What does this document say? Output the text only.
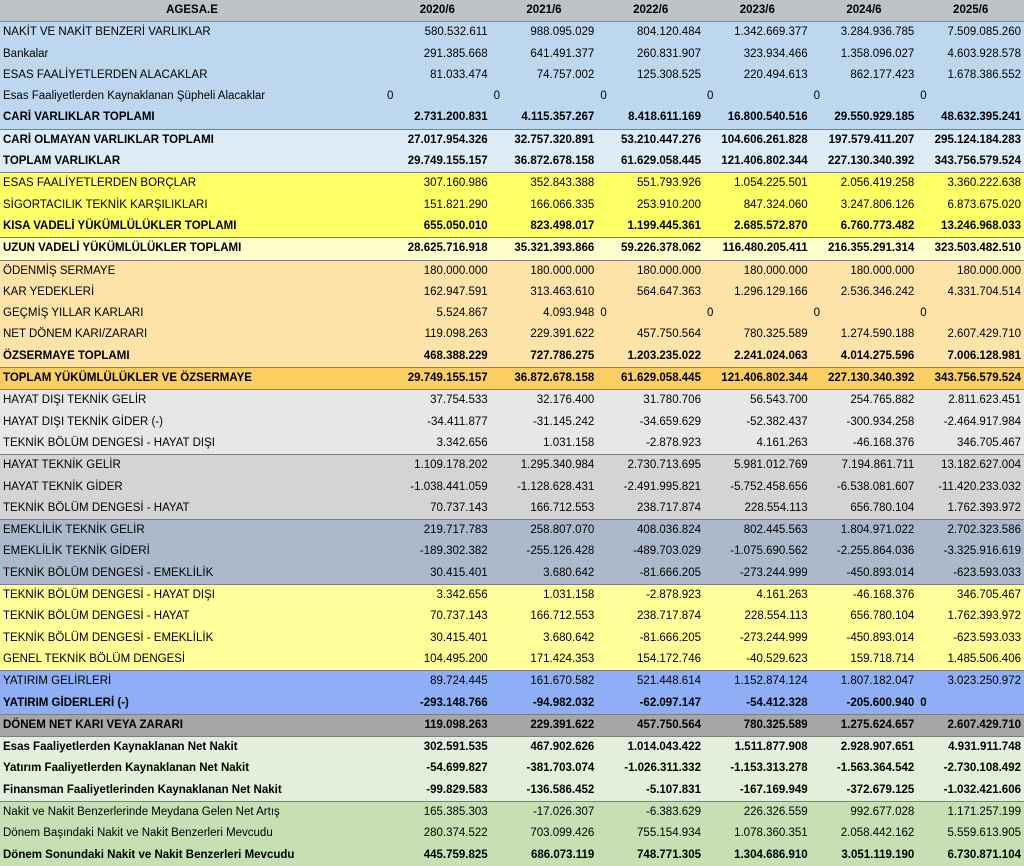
AGESA.E	2020/6	2021/6	2022/6	2023/6	2024/6	2025/6
NAKİT VE NAKİT BENZERİ VARLIKLAR	580.532.611	988.095.029	804.120.484	1.342.669.377	3.284.936.785	7.509.085.260
Bankalar	291.385.668	641.491.377	260.831.907	323.934.466	1.358.096.027	4.603.928.578
ESAS FAALİYETLERDEN ALACAKLAR	81.033.474	74.757.002	125.308.525	220.494.613	862.177.423	1.678.386.552
Esas Faaliyetlerden Kaynaklanan Şüpheli Alacaklar	0	0	0	0	0	0
CARİ VARLIKLAR TOPLAMI	2.731.200.831	4.115.357.267	8.418.611.169	16.800.540.516	29.550.929.185	48.632.395.241
CARİ OLMAYAN VARLIKLAR TOPLAMI	27.017.954.326	32.757.320.891	53.210.447.276	104.606.261.828	197.579.411.207	295.124.184.283
TOPLAM VARLIKLAR	29.749.155.157	36.872.678.158	61.629.058.445	121.406.802.344	227.130.340.392	343.756.579.524
ESAS FAALİYETLERDEN BORÇLAR	307.160.986	352.843.388	551.793.926	1.054.225.501	2.056.419.258	3.360.222.638
SİGORTACILIK TEKNİK KARŞILIKLARI	151.821.290	166.066.335	253.910.200	847.324.060	3.247.806.126	6.873.675.020
KISA VADELİ YÜKÜMLÜLÜKLER TOPLAMI	655.050.010	823.498.017	1.199.445.361	2.685.572.870	6.760.773.482	13.246.968.033
UZUN VADELİ YÜKÜMLÜLÜKLER TOPLAMI	28.625.716.918	35.321.393.866	59.226.378.062	116.480.205.411	216.355.291.314	323.503.482.510
ÖDENMİŞ SERMAYE	180.000.000	180.000.000	180.000.000	180.000.000	180.000.000	180.000.000
KAR YEDEKLERİ	162.947.591	313.463.610	564.647.363	1.296.129.166	2.536.346.242	4.331.704.514
GEÇMİŞ YILLAR KARLARI	5.524.867	4.093.948	0	0	0	0
NET DÖNEM KARI/ZARARI	119.098.263	229.391.622	457.750.564	780.325.589	1.274.590.188	2.607.429.710
ÖZSERMAYE TOPLAMI	468.388.229	727.786.275	1.203.235.022	2.241.024.063	4.014.275.596	7.006.128.981
TOPLAM YÜKÜMLÜLÜKLER VE ÖZSERMAYE	29.749.155.157	36.872.678.158	61.629.058.445	121.406.802.344	227.130.340.392	343.756.579.524
HAYAT DIŞI TEKNİK GELİR	37.754.533	32.176.400	31.780.706	56.543.700	254.765.882	2.811.623.451
HAYAT DIŞI TEKNİK GİDER (-)	-34.411.877	-31.145.242	-34.659.629	-52.382.437	-300.934.258	-2.464.917.984
TEKNİK BÖLÜM DENGESİ - HAYAT DIŞI	3.342.656	1.031.158	-2.878.923	4.161.263	-46.168.376	346.705.467
HAYAT TEKNİK GELİR	1.109.178.202	1.295.340.984	2.730.713.695	5.981.012.769	7.194.861.711	13.182.627.004
HAYAT TEKNİK GİDER	-1.038.441.059	-1.128.628.431	-2.491.995.821	-5.752.458.656	-6.538.081.607	-11.420.233.032
TEKNİK BÖLÜM DENGESİ - HAYAT	70.737.143	166.712.553	238.717.874	228.554.113	656.780.104	1.762.393.972
EMEKLİLİK TEKNİK GELİR	219.717.783	258.807.070	408.036.824	802.445.563	1.804.971.022	2.702.323.586
EMEKLİLİK TEKNİK GİDERİ	-189.302.382	-255.126.428	-489.703.029	-1.075.690.562	-2.255.864.036	-3.325.916.619
TEKNİK BÖLÜM DENGESİ - EMEKLİLİK	30.415.401	3.680.642	-81.666.205	-273.244.999	-450.893.014	-623.593.033
TEKNİK BÖLÜM DENGESİ - HAYAT DIŞI	3.342.656	1.031.158	-2.878.923	4.161.263	-46.168.376	346.705.467
TEKNİK BÖLÜM DENGESİ - HAYAT	70.737.143	166.712.553	238.717.874	228.554.113	656.780.104	1.762.393.972
TEKNİK BÖLÜM DENGESİ - EMEKLİLİK	30.415.401	3.680.642	-81.666.205	-273.244.999	-450.893.014	-623.593.033
GENEL TEKNİK BÖLÜM DENGESİ	104.495.200	171.424.353	154.172.746	-40.529.623	159.718.714	1.485.506.406
YATIRIM GELİRLERİ	89.724.445	161.670.582	521.448.614	1.152.874.124	1.807.182.047	3.023.250.972
YATIRIM GİDERLERİ (-)	-293.148.766	-94.982.032	-62.097.147	-54.412.328	-205.600.940	0
DÖNEM NET KARI VEYA ZARARI	119.098.263	229.391.622	457.750.564	780.325.589	1.275.624.657	2.607.429.710
Esas Faaliyetlerden Kaynaklanan Net Nakit	302.591.535	467.902.626	1.014.043.422	1.511.877.908	2.928.907.651	4.931.911.748
Yatırım Faaliyetlerden Kaynaklanan Net Nakit	-54.699.827	-381.703.074	-1.026.311.332	-1.153.313.278	-1.563.364.542	-2.730.108.492
Finansman Faaliyetlerinden Kaynaklanan Net Nakit	-99.829.583	-136.586.452	-5.107.831	-167.169.949	-372.679.125	-1.032.421.606
Nakit ve Nakit Benzerlerinde Meydana Gelen Net Artış	165.385.303	-17.026.307	-6.383.629	226.326.559	992.677.028	1.171.257.199
Dönem Başındaki Nakit ve Nakit Benzerleri Mevcudu	280.374.522	703.099.426	755.154.934	1.078.360.351	2.058.442.162	5.559.613.905
Dönem Sonundaki Nakit ve Nakit Benzerleri Mevcudu	445.759.825	686.073.119	748.771.305	1.304.686.910	3.051.119.190	6.730.871.104
